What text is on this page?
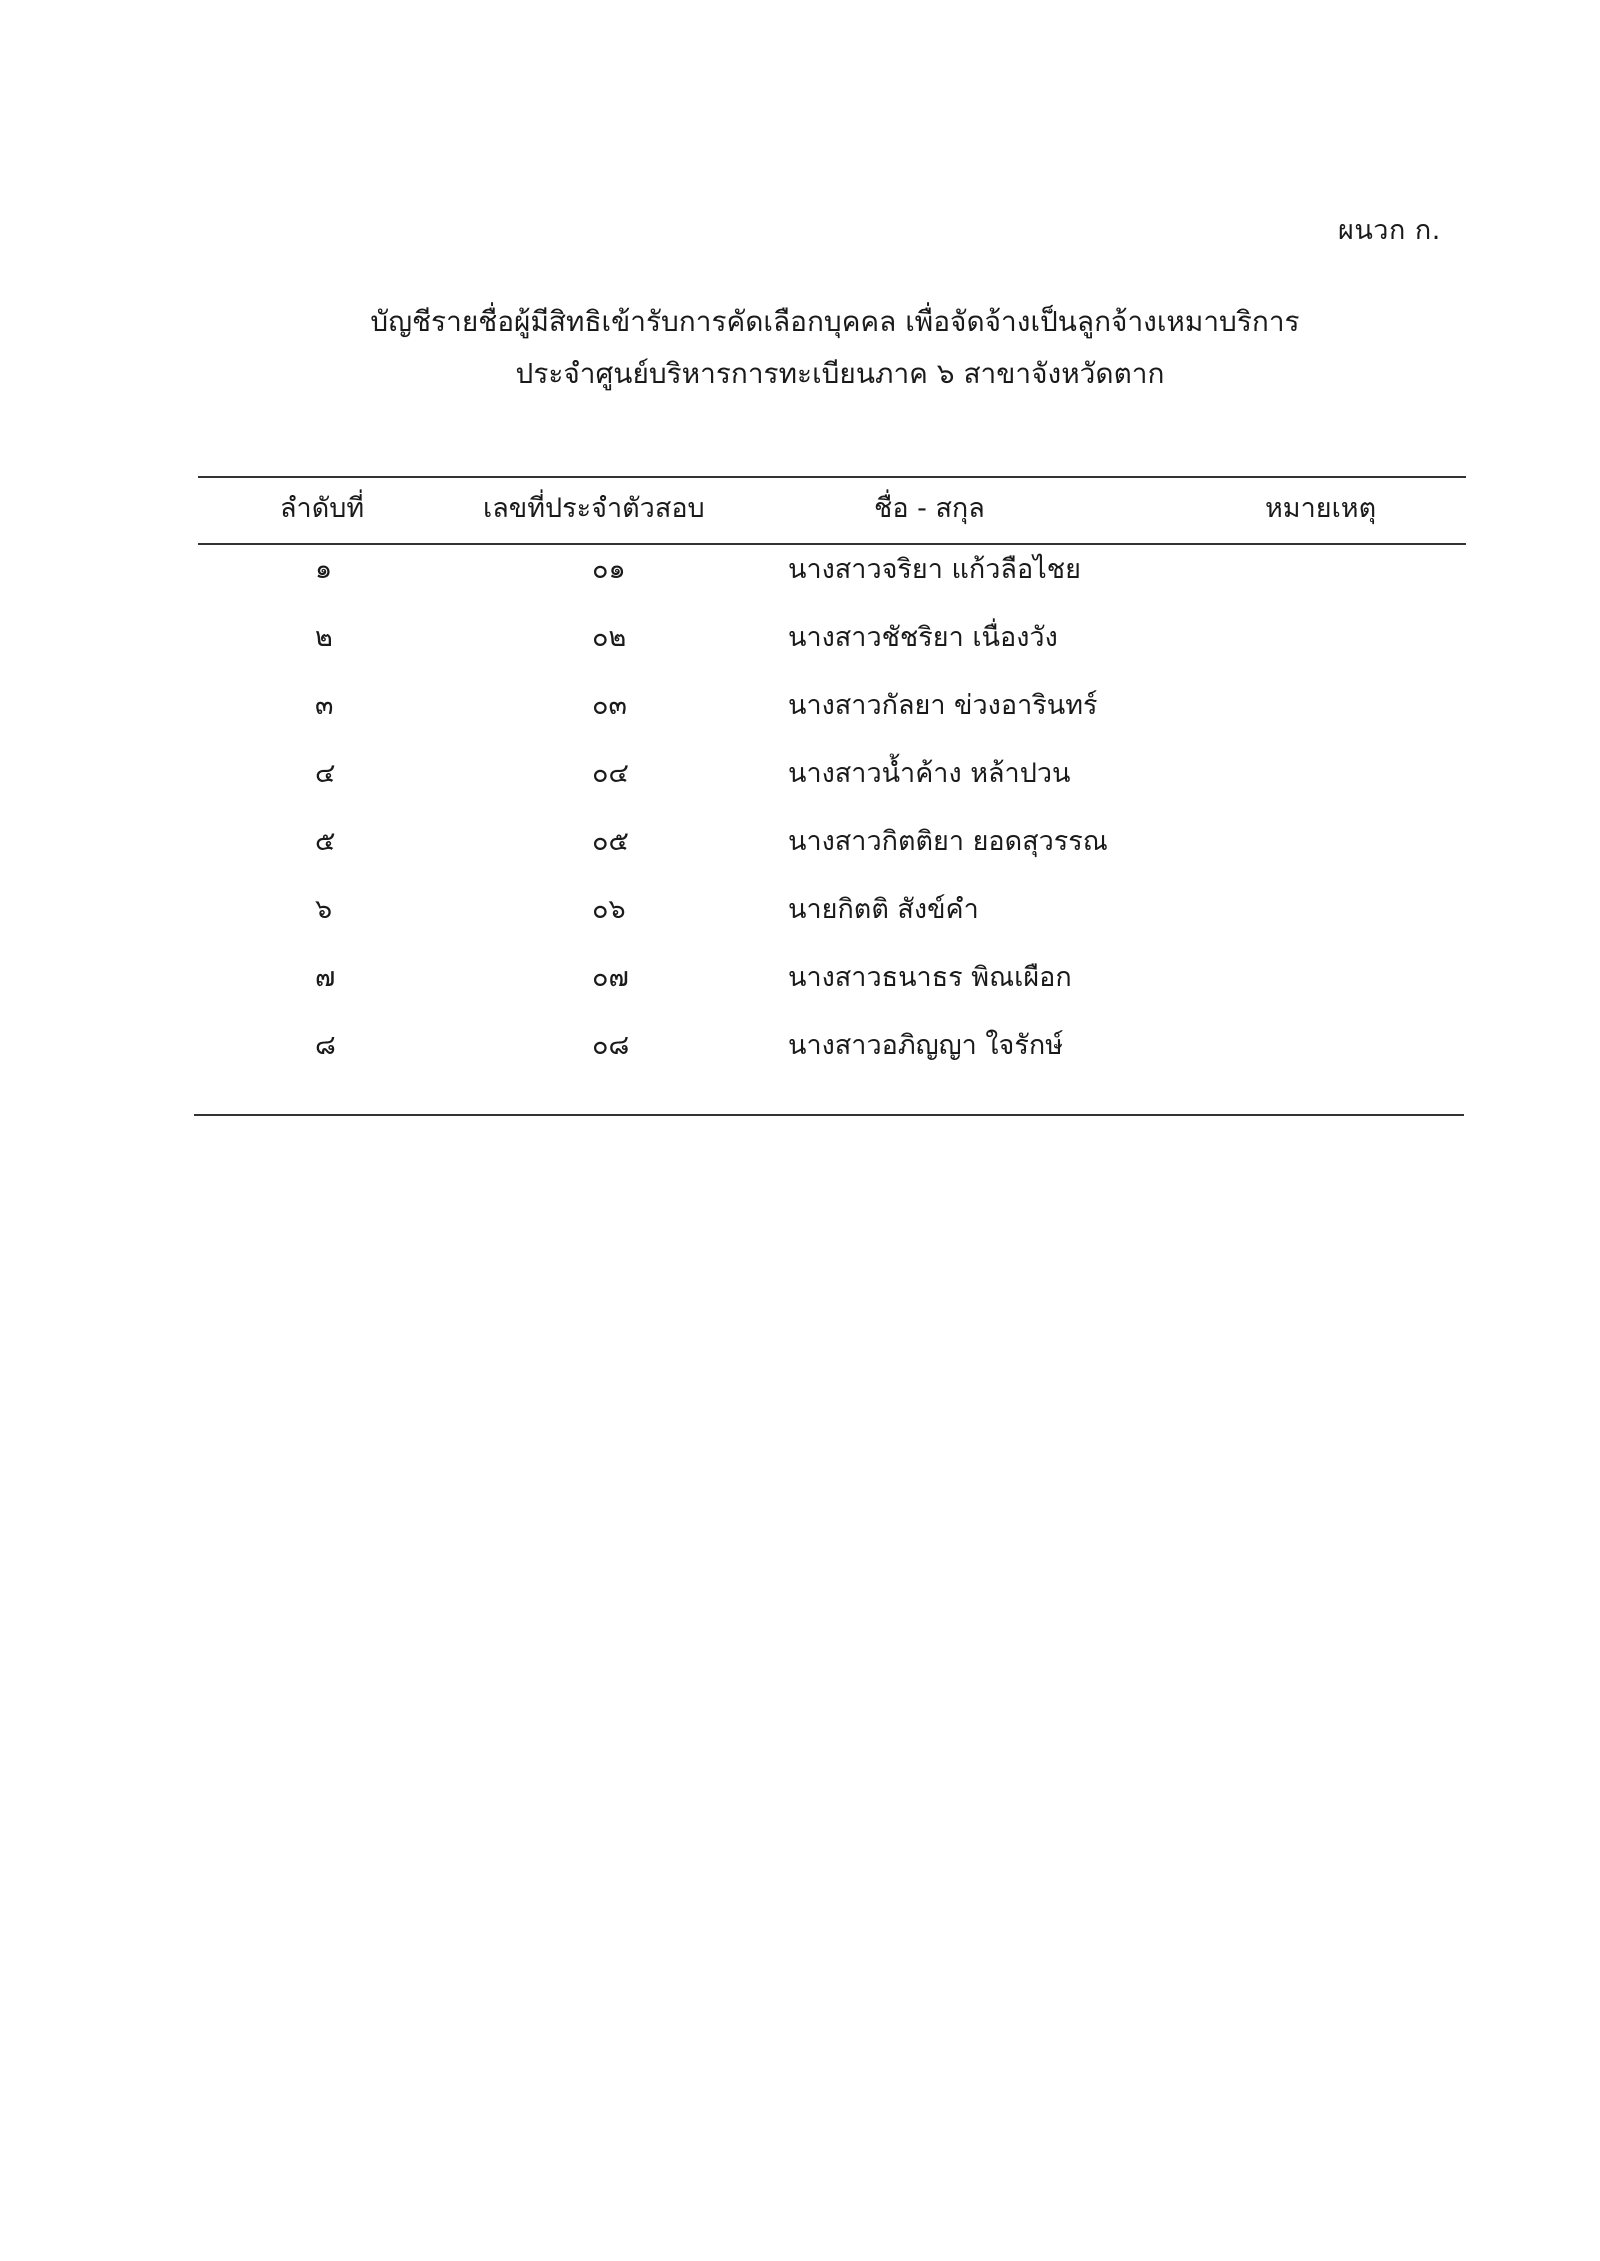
ผนวก ก.
บัญชีรายชื่อผู้มีสิทธิเข้ารับการคัดเลือกบุคคล เพื่อจัดจ้างเป็นลูกจ้างเหมาบริการ
ประจำศูนย์บริหารการทะเบียนภาค ๖ สาขาจังหวัดตาก
ลำดับที่	เลขที่ประจำตัวสอบ	ชื่อ - สกุล	หมายเหตุ
๑	๐๑	นางสาวจริยา แก้วลือไชย
๒	๐๒	นางสาวชัชริยา เนื่องวัง
๓	๐๓	นางสาวกัลยา ข่วงอารินทร์
๔	๐๔	นางสาวน้ำค้าง หล้าปวน
๕	๐๕	นางสาวกิตติยา ยอดสุวรรณ
๖	๐๖	นายกิตติ สังข์คำ
๗	๐๗	นางสาวธนาธร พิณเผือก
๘	๐๘	นางสาวอภิญญา ใจรักษ์
